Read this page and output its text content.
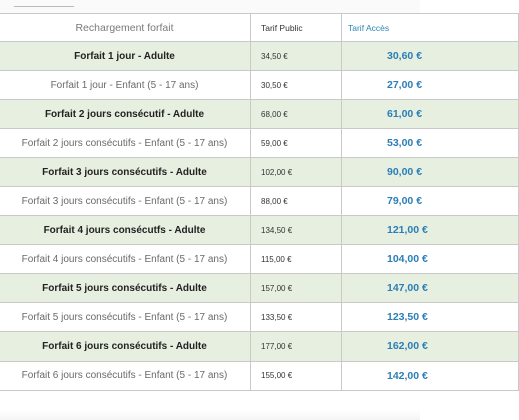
Rechargement forfait	Tarif Public	Tarif Accès
Forfait 1 jour - Adulte	34,50 €	30,60 €
Forfait 1 jour - Enfant (5 - 17 ans)	30,50 €	27,00 €
Forfait 2 jours consécutif - Adulte	68,00 €	61,00 €
Forfait 2 jours consécutifs - Enfant (5 - 17 ans)	59,00 €	53,00 €
Forfait 3 jours consécutifs - Adulte	102,00 €	90,00 €
Forfait 3 jours consécutifs - Enfant (5 - 17 ans)	88,00 €	79,00 €
Forfait 4 jours consécutfs - Adulte	134,50 €	121,00 €
Forfait 4 jours consécutifs - Enfant (5 - 17 ans)	115,00 €	104,00 €
Forfait 5 jours consécutifs - Adulte	157,00 €	147,00 €
Forfait 5 jours consécutifs - Enfant (5 - 17 ans)	133,50 €	123,50 €
Forfait 6 jours consécutifs - Adulte	177,00 €	162,00 €
Forfait 6 jours consécutifs - Enfant (5 - 17 ans)	155,00 €	142,00 €
